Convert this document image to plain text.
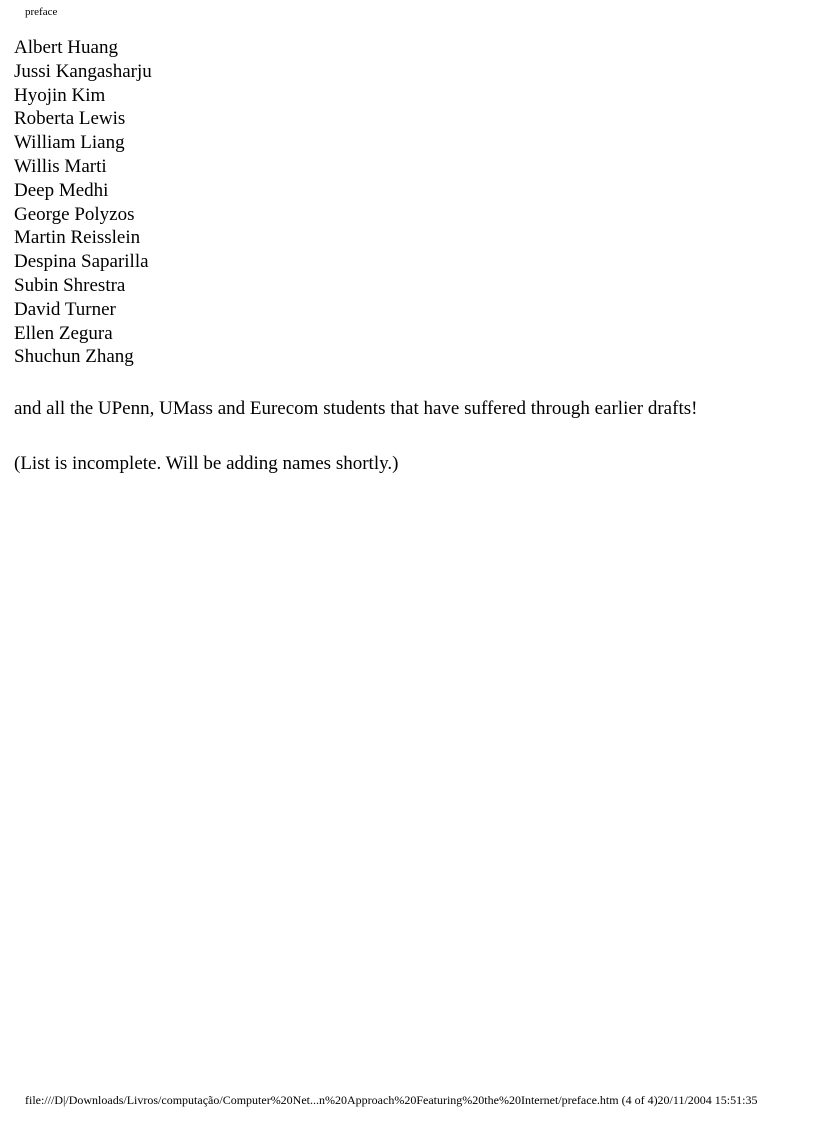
preface
Albert Huang
Jussi Kangasharju
Hyojin Kim
Roberta Lewis
William Liang
Willis Marti
Deep Medhi
George Polyzos
Martin Reisslein
Despina Saparilla
Subin Shrestra
David Turner
Ellen Zegura
Shuchun Zhang

and all the UPenn, UMass and Eurecom students that have suffered through earlier drafts!

(List is incomplete. Will be adding names shortly.)

file:///D|/Downloads/Livros/computação/Computer%20Net...n%20Approach%20Featuring%20the%20Internet/preface.htm (4 of 4)20/11/2004 15:51:35
